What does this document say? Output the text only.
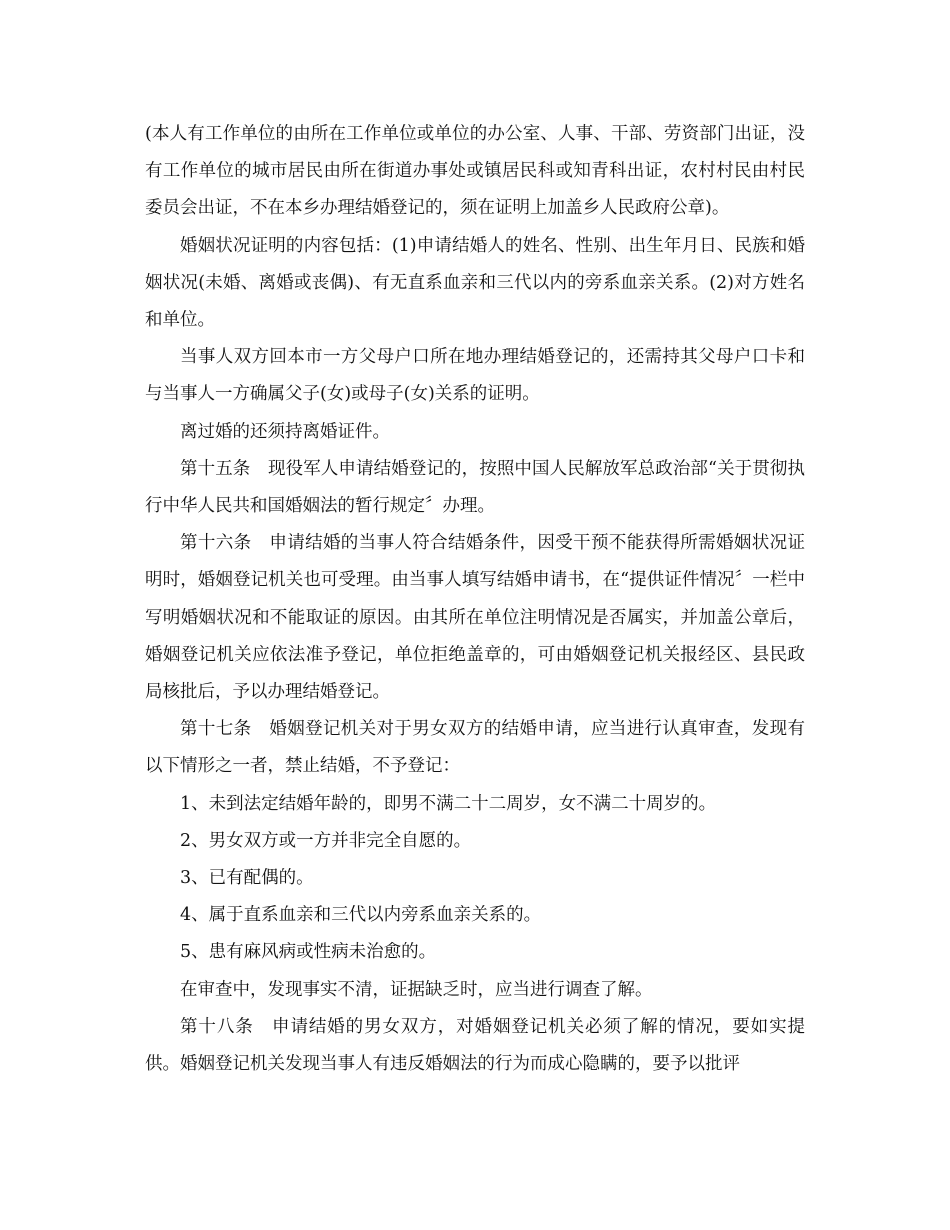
(本人有工作单位的由所在工作单位或单位的办公室、人事、干部、劳资部门出证，没有工作单位的城市居民由所在街道办事处或镇居民科或知青科出证，农村村民由村民委员会出证，不在本乡办理结婚登记的，须在证明上加盖乡人民政府公章)。

婚姻状况证明的内容包括：(1)申请结婚人的姓名、性别、出生年月日、民族和婚姻状况(未婚、离婚或丧偶)、有无直系血亲和三代以内的旁系血亲关系。(2)对方姓名和单位。

当事人双方回本市一方父母户口所在地办理结婚登记的，还需持其父母户口卡和与当事人一方确属父子(女)或母子(女)关系的证明。

离过婚的还须持离婚证件。

第十五条　现役军人申请结婚登记的，按照中国人民解放军总政治部“关于贯彻执行中华人民共和国婚姻法的暂行规定〞办理。

第十六条　申请结婚的当事人符合结婚条件，因受干预不能获得所需婚姻状况证明时，婚姻登记机关也可受理。由当事人填写结婚申请书，在“提供证件情况〞一栏中写明婚姻状况和不能取证的原因。由其所在单位注明情况是否属实，并加盖公章后，婚姻登记机关应依法准予登记，单位拒绝盖章的，可由婚姻登记机关报经区、县民政局核批后，予以办理结婚登记。

第十七条　婚姻登记机关对于男女双方的结婚申请，应当进行认真审查，发现有以下情形之一者，禁止结婚，不予登记：

1、未到法定结婚年龄的，即男不满二十二周岁，女不满二十周岁的。

2、男女双方或一方并非完全自愿的。

3、已有配偶的。

4、属于直系血亲和三代以内旁系血亲关系的。

5、患有麻风病或性病未治愈的。

在审查中，发现事实不清，证据缺乏时，应当进行调查了解。

第十八条　申请结婚的男女双方，对婚姻登记机关必须了解的情况，要如实提供。婚姻登记机关发现当事人有违反婚姻法的行为而成心隐瞒的，要予以批评
